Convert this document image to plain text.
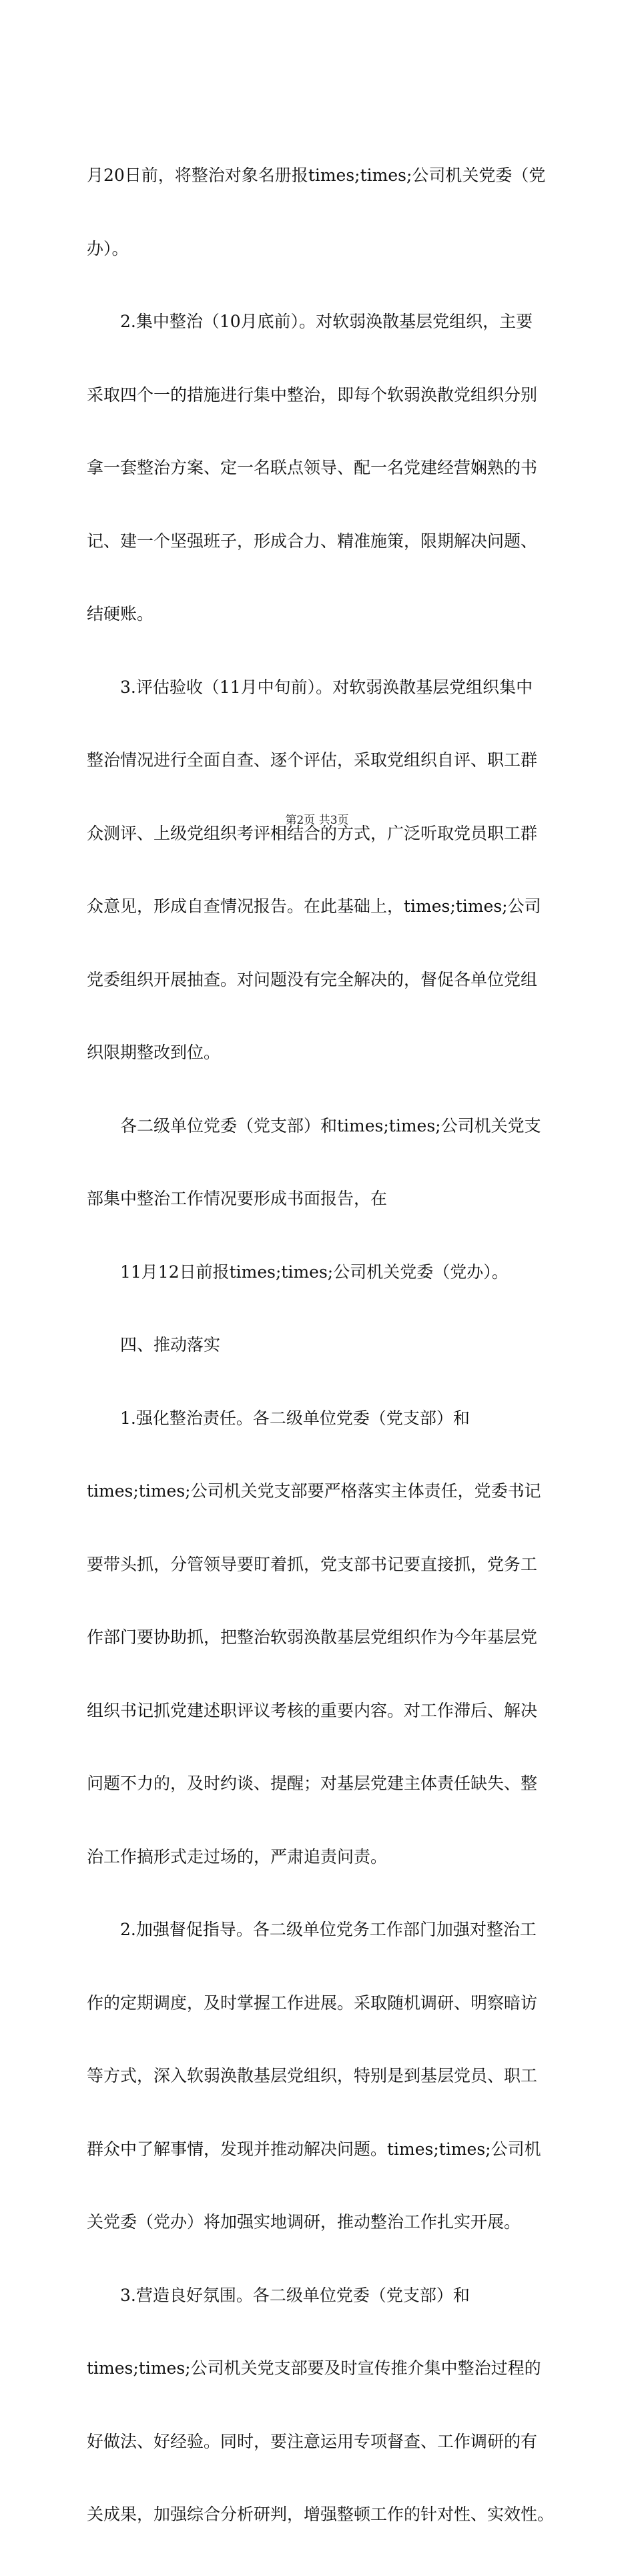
月20日前，将整治对象名册报times;times;公司机关党委（党

办）。

　　2.集中整治（10月底前）。对软弱涣散基层党组织，主要

采取四个一的措施进行集中整治，即每个软弱涣散党组织分别

拿一套整治方案、定一名联点领导、配一名党建经营娴熟的书

记、建一个坚强班子，形成合力、精准施策，限期解决问题、

结硬账。

　　3.评估验收（11月中旬前）。对软弱涣散基层党组织集中

整治情况进行全面自查、逐个评估，采取党组织自评、职工群

众测评、上级党组织考评相结合的方式，广泛听取党员职工群

众意见，形成自查情况报告。在此基础上，times;times;公司

党委组织开展抽查。对问题没有完全解决的，督促各单位党组

织限期整改到位。

　　各二级单位党委（党支部）和times;times;公司机关党支

部集中整治工作情况要形成书面报告，在

　　11月12日前报times;times;公司机关党委（党办）。

　　四、推动落实

　　1.强化整治责任。各二级单位党委（党支部）和

times;times;公司机关党支部要严格落实主体责任，党委书记

要带头抓，分管领导要盯着抓，党支部书记要直接抓，党务工

作部门要协助抓，把整治软弱涣散基层党组织作为今年基层党

组织书记抓党建述职评议考核的重要内容。对工作滞后、解决

问题不力的，及时约谈、提醒；对基层党建主体责任缺失、整

治工作搞形式走过场的，严肃追责问责。

　　2.加强督促指导。各二级单位党务工作部门加强对整治工

作的定期调度，及时掌握工作进展。采取随机调研、明察暗访

等方式，深入软弱涣散基层党组织，特别是到基层党员、职工

群众中了解事情，发现并推动解决问题。times;times;公司机

关党委（党办）将加强实地调研，推动整治工作扎实开展。

　　3.营造良好氛围。各二级单位党委（党支部）和

times;times;公司机关党支部要及时宣传推介集中整治过程的

好做法、好经验。同时，要注意运用专项督查、工作调研的有

关成果，加强综合分析研判，增强整顿工作的针对性、实效性。

第2页 共3页
